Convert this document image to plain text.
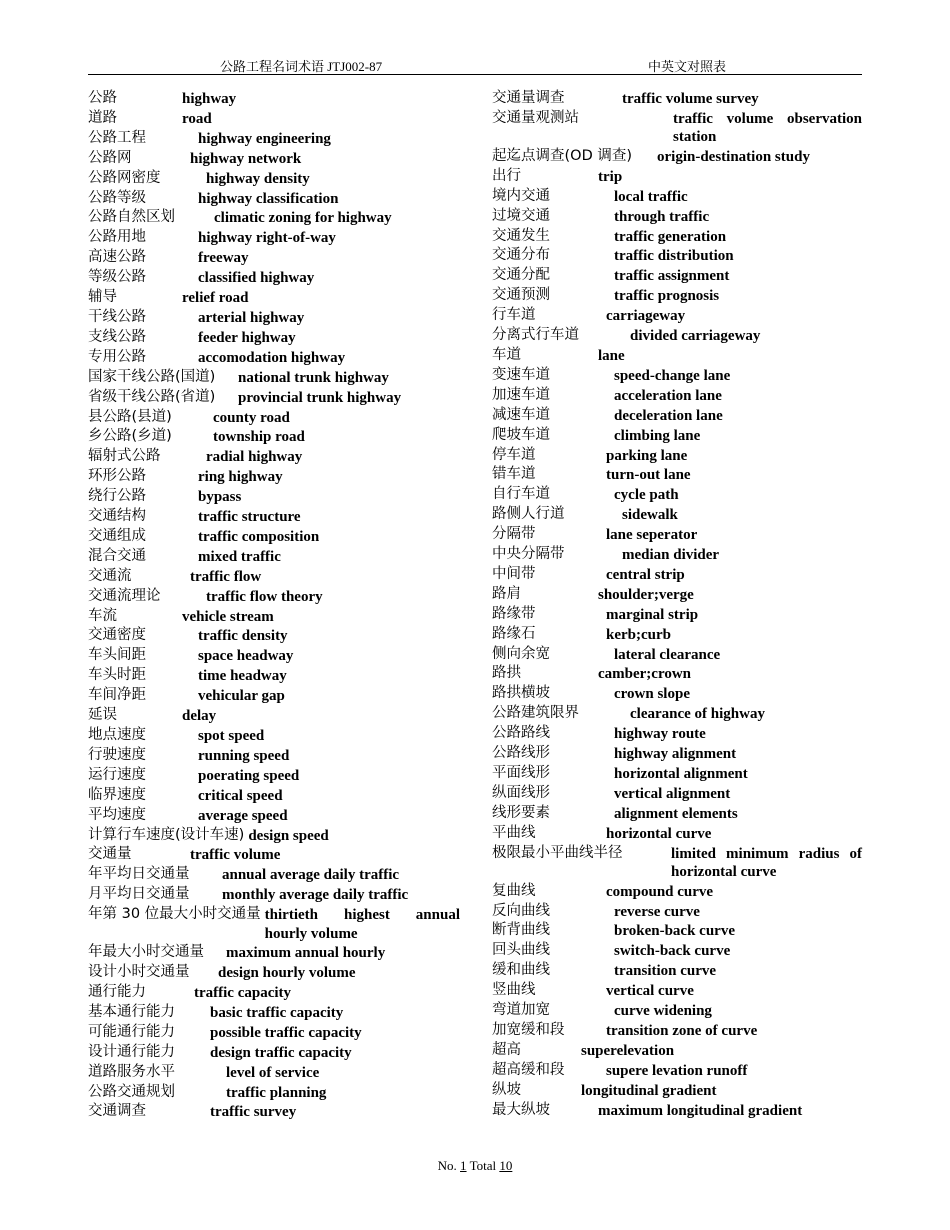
公路工程名词术语 JTJ002-87	中英文对照表
公路	highway
道路	road
公路工程	highway engineering
公路网	highway network
公路网密度	highway density
公路等级	highway classification
公路自然区划	climatic zoning for highway
公路用地	highway right-of-way
高速公路	freeway
等级公路	classified highway
辅导	relief road
干线公路	arterial highway
支线公路	feeder highway
专用公路	accomodation highway
国家干线公路(国道)	national trunk highway
省级干线公路(省道)	provincial trunk highway
县公路(县道)	county road
乡公路(乡道)	township road
辐射式公路	radial highway
环形公路	ring highway
绕行公路	bypass
交通结构	traffic structure
交通组成	traffic composition
混合交通	mixed traffic
交通流	traffic flow
交通流理论	traffic flow theory
车流	vehicle stream
交通密度	traffic density
车头间距	space headway
车头时距	time headway
车间净距	vehicular gap
延误	delay
地点速度	spot speed
行驶速度	running speed
运行速度	poerating speed
临界速度	critical speed
平均速度	average speed
计算行车速度(设计车速) design speed
交通量	traffic volume
年平均日交通量	annual average daily traffic
月平均日交通量	monthly average daily traffic
年第 30 位最大小时交通量 thirtieth highest annual hourly volume
年最大小时交通量	maximum annual hourly
设计小时交通量	design hourly volume
通行能力	traffic capacity
基本通行能力	basic traffic capacity
可能通行能力	possible traffic capacity
设计通行能力	design traffic capacity
道路服务水平	level of service
公路交通规划	traffic planning
交通调查	traffic survey
交通量调查	traffic volume survey
交通量观测站	traffic volume observation station
起迄点调查(OD 调查)	origin-destination study
出行	trip
境内交通	local traffic
过境交通	through traffic
交通发生	traffic generation
交通分布	traffic distribution
交通分配	traffic assignment
交通预测	traffic prognosis
行车道	carriageway
分离式行车道	divided carriageway
车道	lane
变速车道	speed-change lane
加速车道	acceleration lane
减速车道	deceleration lane
爬坡车道	climbing lane
停车道	parking lane
错车道	turn-out lane
自行车道	cycle path
路侧人行道	sidewalk
分隔带	lane seperator
中央分隔带	median divider
中间带	central strip
路肩	shoulder;verge
路缘带	marginal strip
路缘石	kerb;curb
侧向余宽	lateral clearance
路拱	camber;crown
路拱横坡	crown slope
公路建筑限界	clearance of highway
公路路线	highway route
公路线形	highway alignment
平面线形	horizontal alignment
纵面线形	vertical alignment
线形要素	alignment elements
平曲线	horizontal curve
极限最小平曲线半径	limited minimum radius of horizontal curve
复曲线	compound curve
反向曲线	reverse curve
断背曲线	broken-back curve
回头曲线	switch-back curve
缓和曲线	transition curve
竖曲线	vertical curve
弯道加宽	curve widening
加宽缓和段	transition zone of curve
超高	superelevation
超高缓和段	supere levation runoff
纵坡	longitudinal gradient
最大纵坡	maximum longitudinal gradient
No. 1 Total 10
